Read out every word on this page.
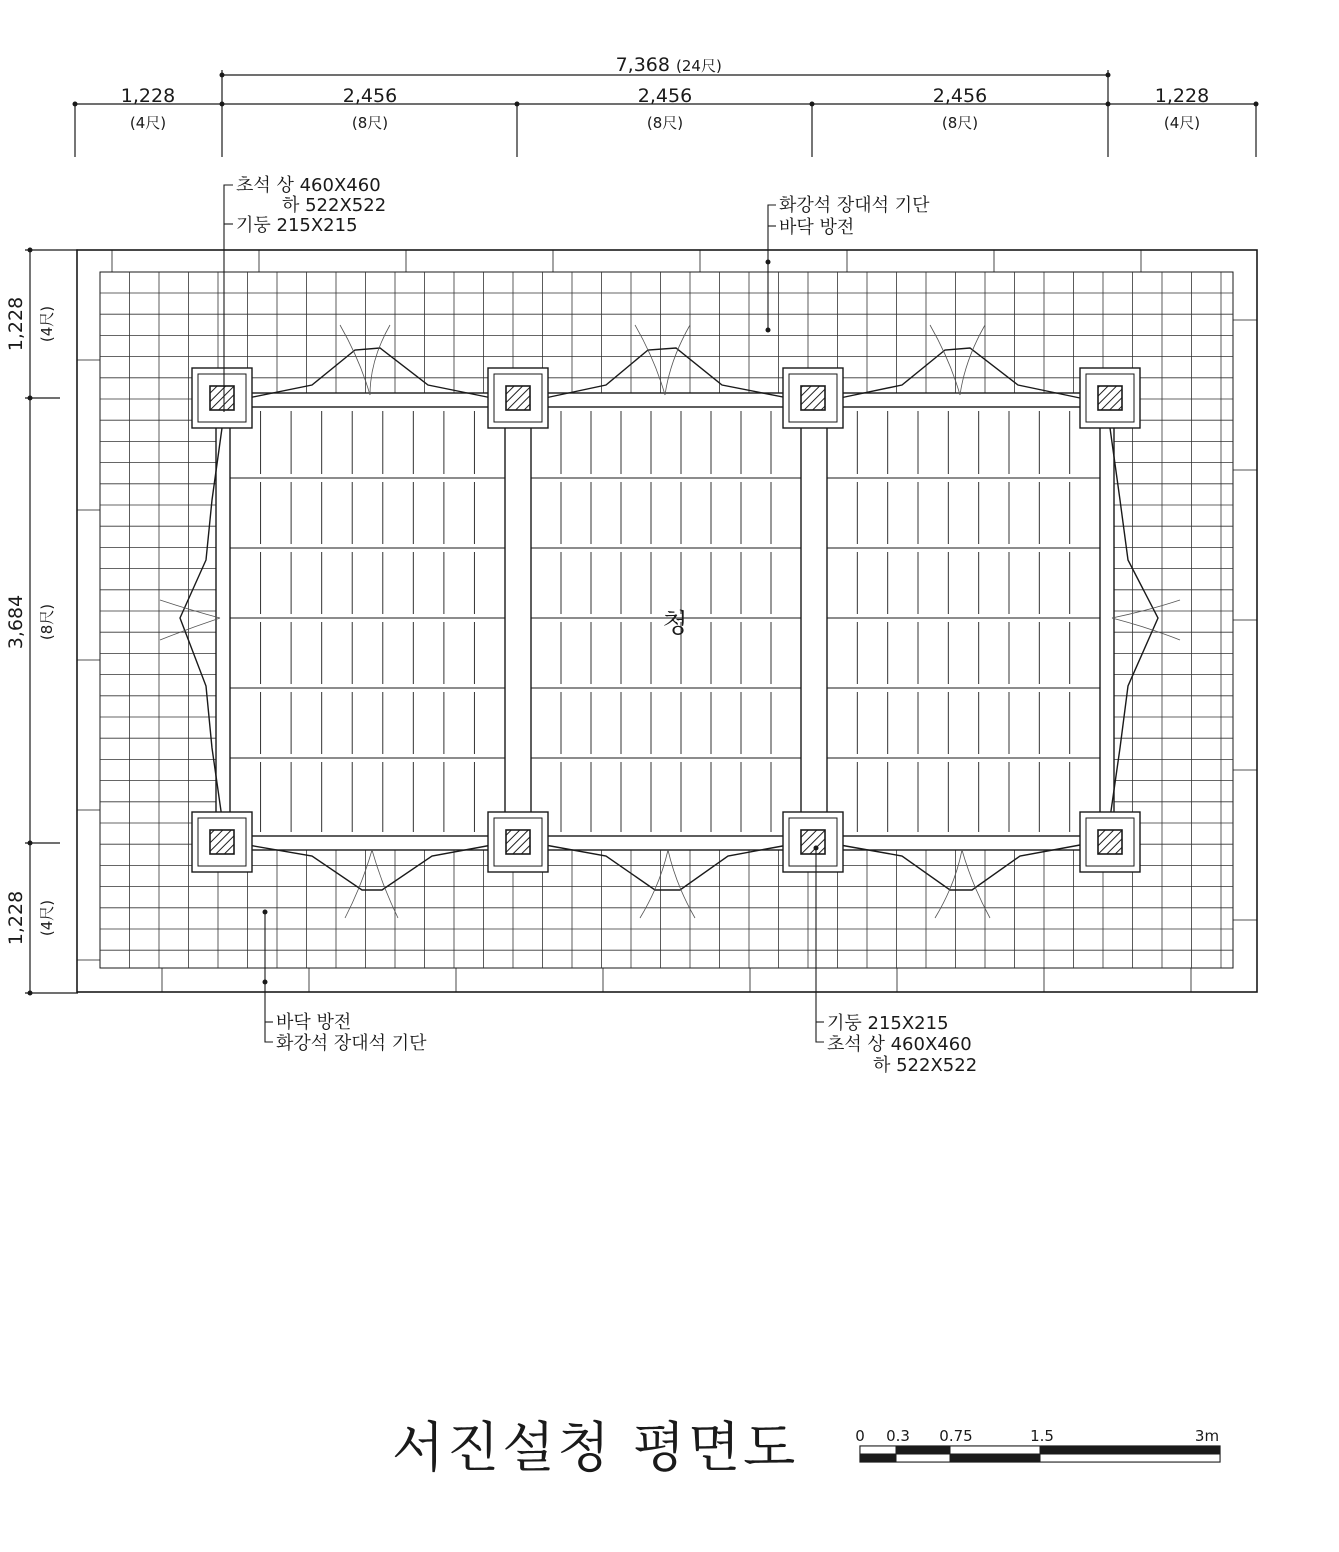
7,368 (24尺)
1,228
(4尺)
2,456
(8尺)
2,456
(8尺)
2,456
(8尺)
1,228
(4尺)
1,228 (4尺)
3,684 (8尺)
1,228 (4尺)
청
초석 상 460X460
하 522X522
기둥 215X215
화강석 장대석 기단
바닥 방전
바닥 방전
화강석 장대석 기단
기둥 215X215
초석 상 460X460
하 522X522
서진설청 평면도	0 0.3 0.75	1.5	3m
